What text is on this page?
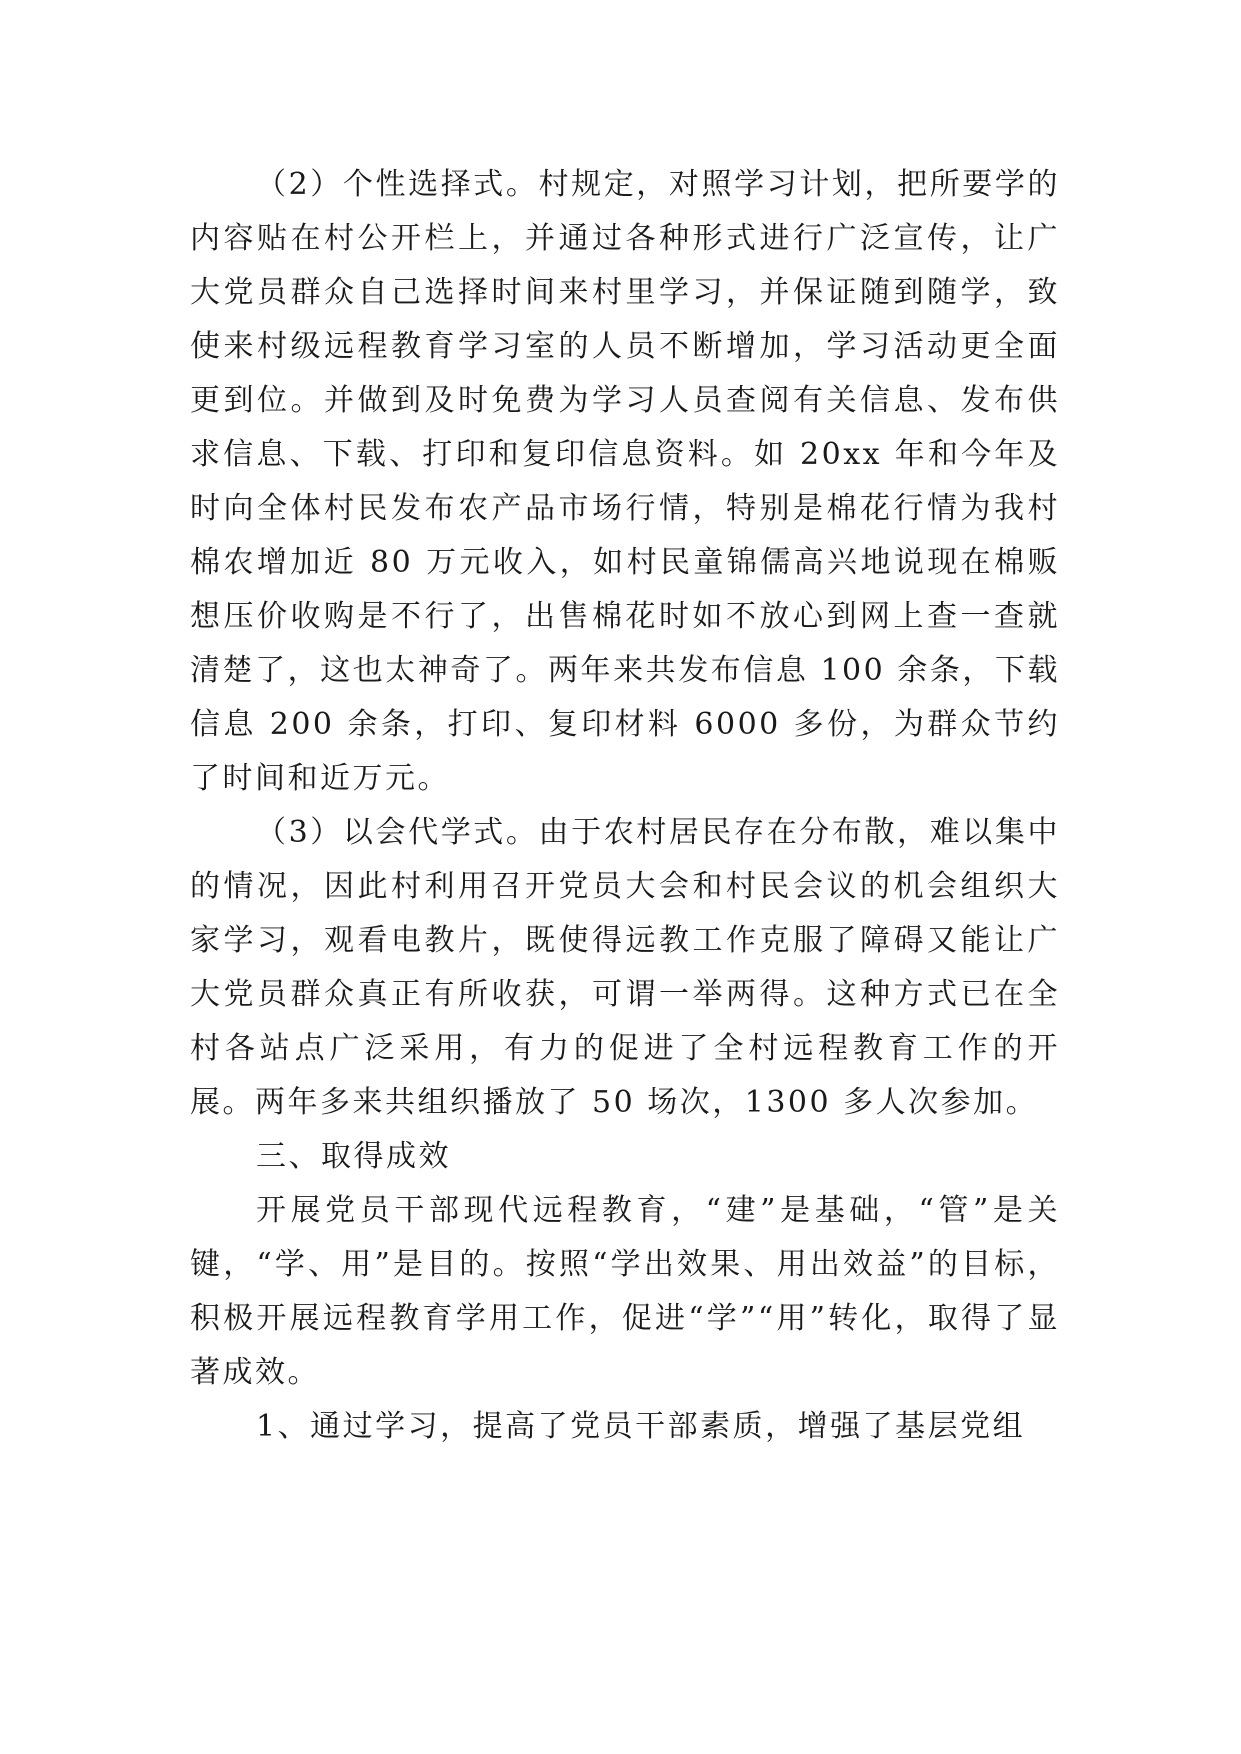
（2）个性选择式。村规定，对照学习计划，把所要学的内容贴在村公开栏上，并通过各种形式进行广泛宣传，让广大党员群众自己选择时间来村里学习，并保证随到随学，致使来村级远程教育学习室的人员不断增加，学习活动更全面更到位。并做到及时免费为学习人员查阅有关信息、发布供求信息、下载、打印和复印信息资料。如 20xx 年和今年及时向全体村民发布农产品市场行情，特别是棉花行情为我村棉农增加近 80 万元收入，如村民童锦儒高兴地说现在棉贩想压价收购是不行了，出售棉花时如不放心到网上查一查就清楚了，这也太神奇了。两年来共发布信息 100 余条，下载信息 200 余条，打印、复印材料 6000 多份，为群众节约了时间和近万元。

（3）以会代学式。由于农村居民存在分布散，难以集中的情况，因此村利用召开党员大会和村民会议的机会组织大家学习，观看电教片，既使得远教工作克服了障碍又能让广大党员群众真正有所收获，可谓一举两得。这种方式已在全村各站点广泛采用，有力的促进了全村远程教育工作的开展。两年多来共组织播放了 50 场次，1300 多人次参加。

三、取得成效

开展党员干部现代远程教育，“建”是基础，“管”是关键，“学、用”是目的。按照“学出效果、用出效益”的目标，积极开展远程教育学用工作，促进“学”“用”转化，取得了显著成效。

1、通过学习，提高了党员干部素质，增强了基层党组
